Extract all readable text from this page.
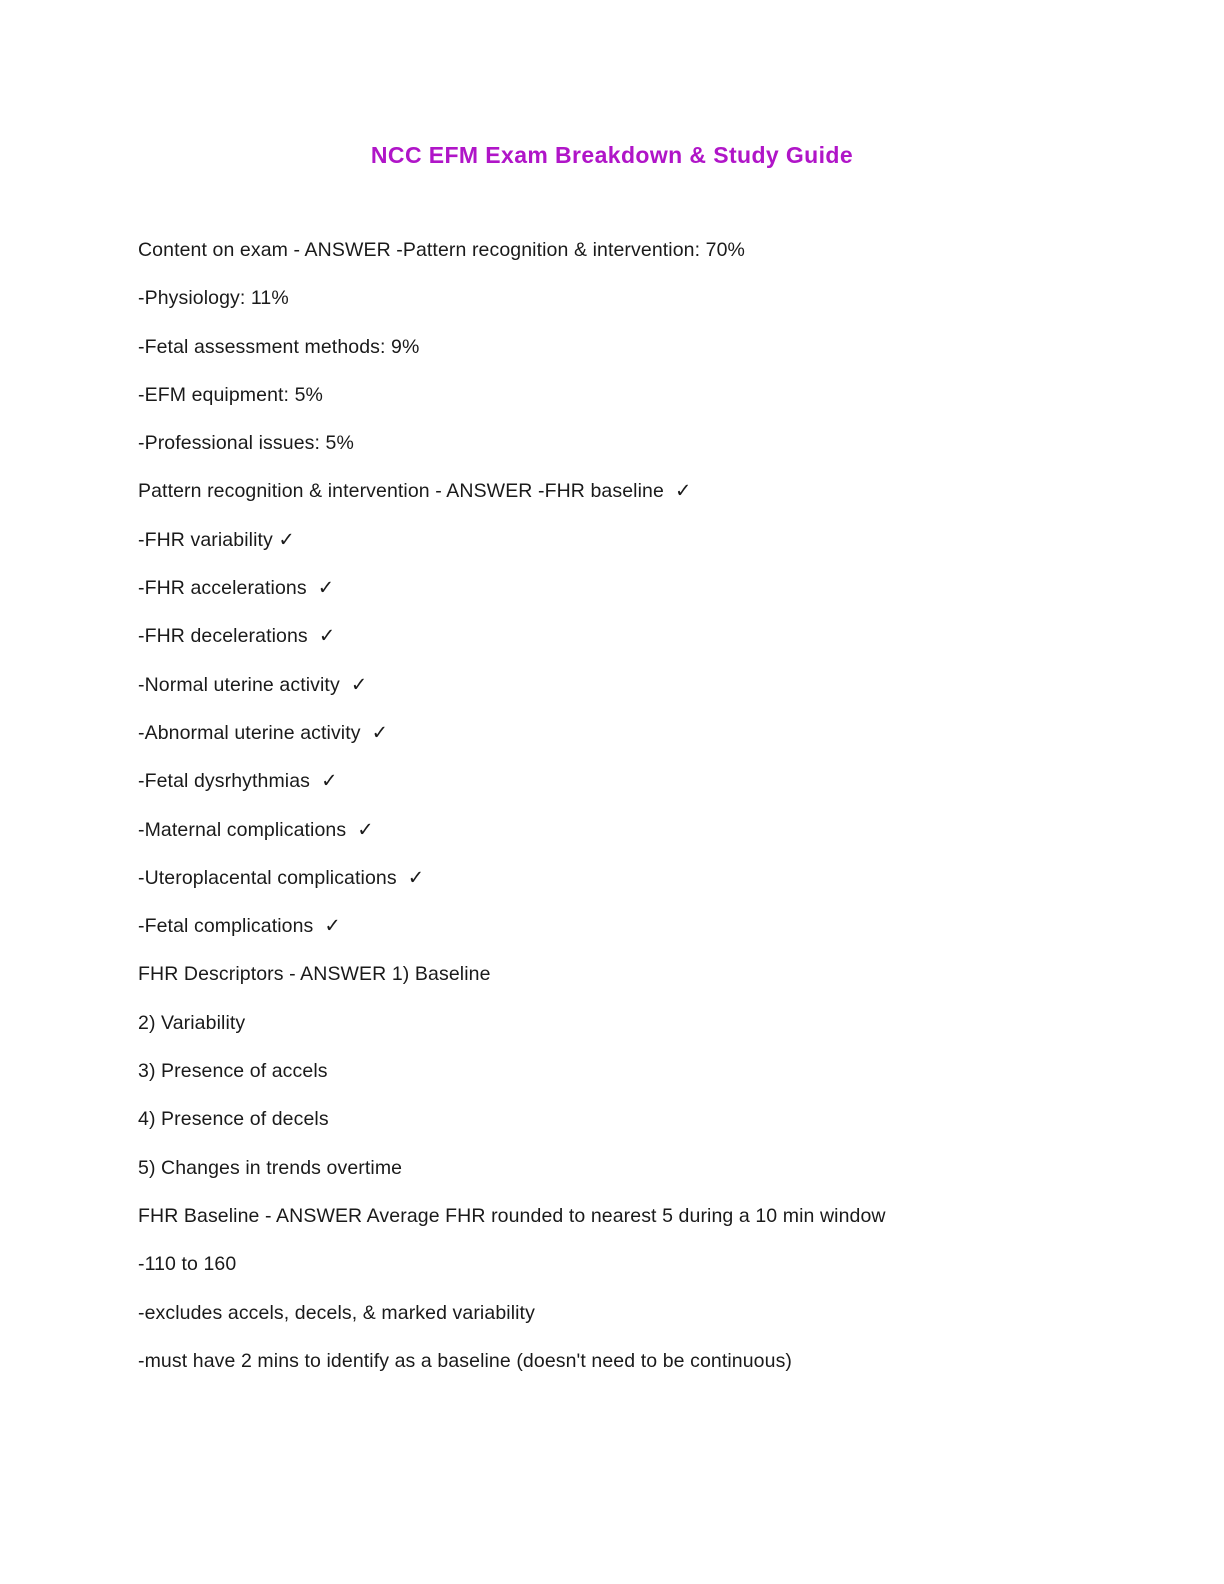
NCC EFM Exam Breakdown & Study Guide
Content on exam - ANSWER -Pattern recognition & intervention: 70%
-Physiology: 11%
-Fetal assessment methods: 9%
-EFM equipment: 5%
-Professional issues: 5%
Pattern recognition & intervention - ANSWER -FHR baseline  ✓
-FHR variability ✓
-FHR accelerations  ✓
-FHR decelerations  ✓
-Normal uterine activity  ✓
-Abnormal uterine activity  ✓
-Fetal dysrhythmias  ✓
-Maternal complications  ✓
-Uteroplacental complications  ✓
-Fetal complications  ✓
FHR Descriptors - ANSWER 1) Baseline
2) Variability
3) Presence of accels
4) Presence of decels
5) Changes in trends overtime
FHR Baseline - ANSWER Average FHR rounded to nearest 5 during a 10 min window
-110 to 160
-excludes accels, decels, & marked variability
-must have 2 mins to identify as a baseline (doesn't need to be continuous)
